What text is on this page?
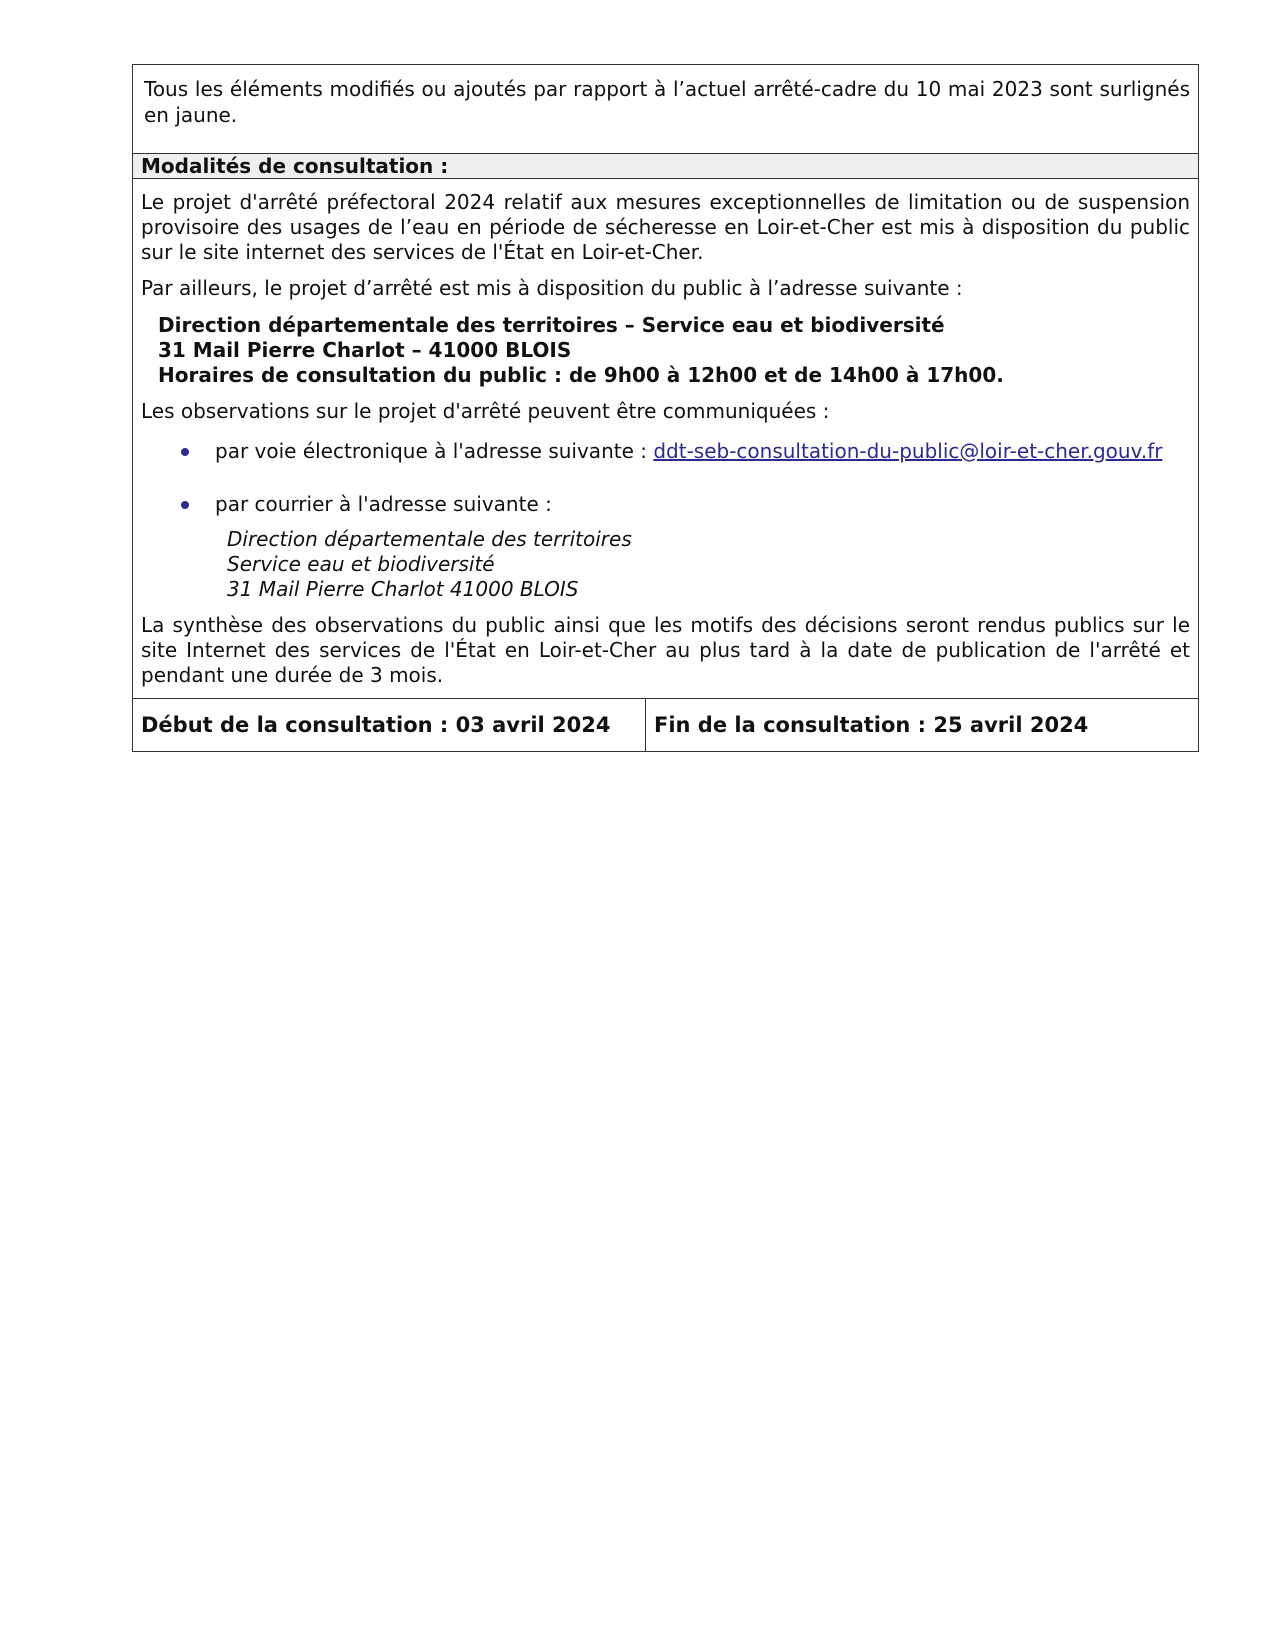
Tous les éléments modifiés ou ajoutés par rapport à l’actuel arrêté-cadre du 10 mai 2023 sont surlignés en jaune.
Modalités de consultation :

Le projet d'arrêté préfectoral 2024 relatif aux mesures exceptionnelles de limitation ou de suspension provisoire des usages de l’eau en période de sécheresse en Loir-et-Cher est mis à disposition du public sur le site internet des services de l'État en Loir-et-Cher.

Par ailleurs, le projet d’arrêté est mis à disposition du public à l’adresse suivante :

Direction départementale des territoires – Service eau et biodiversité
31 Mail Pierre Charlot – 41000 BLOIS
Horaires de consultation du public : de 9h00 à 12h00 et de 14h00 à 17h00.

Les observations sur le projet d'arrêté peuvent être communiquées :

par voie électronique à l'adresse suivante : ddt-seb-consultation-du-public@loir-et-cher.gouv.fr
par courrier à l'adresse suivante :
Direction départementale des territoires
Service eau et biodiversité
31 Mail Pierre Charlot 41000 BLOIS

La synthèse des observations du public ainsi que les motifs des décisions seront rendus publics sur le site Internet des services de l'État en Loir-et-Cher au plus tard à la date de publication de l'arrêté et pendant une durée de 3 mois.

Début de la consultation : 03 avril 2024	Fin de la consultation : 25 avril 2024
